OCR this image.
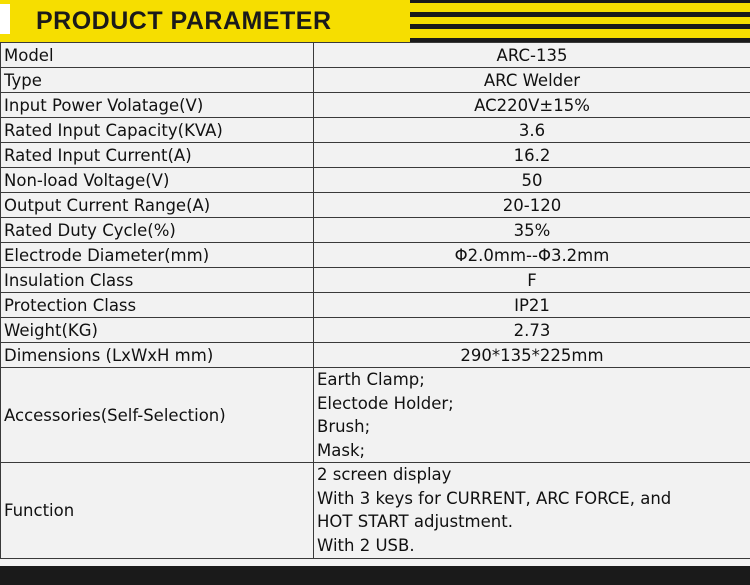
PRODUCT PARAMETER
Model	ARC-135
Type	ARC Welder
Input Power Volatage(V)	AC220V±15%
Rated Input Capacity(KVA)	3.6
Rated Input Current(A)	16.2
Non-load Voltage(V)	50
Output Current Range(A)	20-120
Rated Duty Cycle(%)	35%
Electrode Diameter(mm)	Φ2.0mm--Φ3.2mm
Insulation Class	F
Protection Class	IP21
Weight(KG)	2.73
Dimensions (LxWxH mm)	290*135*225mm
Accessories(Self-Selection)	Earth Clamp;
Electode Holder;
Brush;
Mask;

Function	2 screen display
With 3 keys for CURRENT, ARC FORCE, and
HOT START adjustment.
With 2 USB.
